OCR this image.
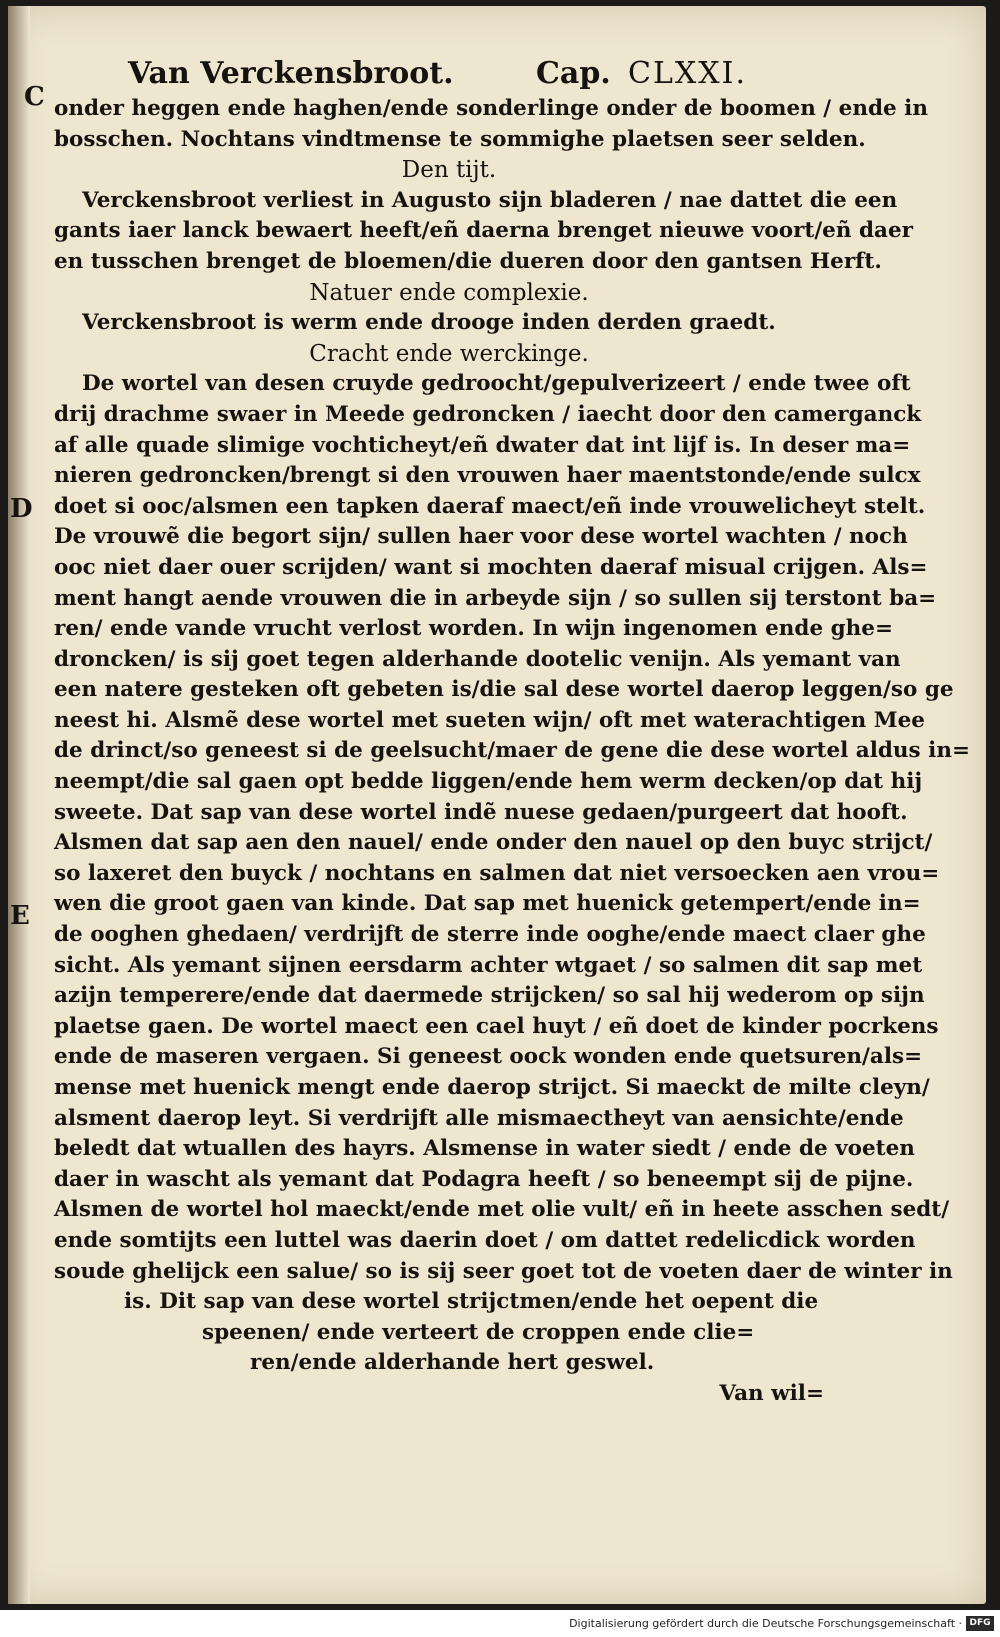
Van Verckensbroot.	Cap. CLXXI.
C
D
E
onder heggen ende haghen/ende sonderlinge onder de boomen / ende in
bosschen. Nochtans vindtmense te sommighe plaetsen seer selden.
Den tijt.
Verckensbroot verliest in Augusto sijn bladeren / nae dattet die een
gants iaer lanck bewaert heeft/eñ daerna brenget nieuwe voort/eñ daer
en tusschen brenget de bloemen/die dueren door den gantsen Herft.
Natuer ende complexie.
Verckensbroot is werm ende drooge inden derden graedt.
Cracht ende werckinge.
De wortel van desen cruyde gedroocht/gepulverizeert / ende twee oft
drij drachme swaer in Meede gedroncken / iaecht door den camerganck
af alle quade slimige vochticheyt/eñ dwater dat int lijf is. In deser ma=
nieren gedroncken/brengt si den vrouwen haer maentstonde/ende sulcx
doet si ooc/alsmen een tapken daeraf maect/eñ inde vrouwelicheyt stelt.
De vrouwẽ die begort sijn/ sullen haer voor dese wortel wachten / noch
ooc niet daer ouer scrijden/ want si mochten daeraf misual crijgen. Als=
ment hangt aende vrouwen die in arbeyde sijn / so sullen sij terstont ba=
ren/ ende vande vrucht verlost worden. In wijn ingenomen ende ghe=
droncken/ is sij goet tegen alderhande dootelic venijn. Als yemant van
een natere gesteken oft gebeten is/die sal dese wortel daerop leggen/so ge
neest hi. Alsmẽ dese wortel met sueten wijn/ oft met waterachtigen Mee
de drinct/so geneest si de geelsucht/maer de gene die dese wortel aldus in=
neempt/die sal gaen opt bedde liggen/ende hem werm decken/op dat hij
sweete. Dat sap van dese wortel indẽ nuese gedaen/purgeert dat hooft.
Alsmen dat sap aen den nauel/ ende onder den nauel op den buyc strijct/
so laxeret den buyck / nochtans en salmen dat niet versoecken aen vrou=
wen die groot gaen van kinde. Dat sap met huenick getempert/ende in=
de ooghen ghedaen/ verdrijft de sterre inde ooghe/ende maect claer ghe
sicht. Als yemant sijnen eersdarm achter wtgaet / so salmen dit sap met
azijn temperere/ende dat daermede strijcken/ so sal hij wederom op sijn
plaetse gaen. De wortel maect een cael huyt / eñ doet de kinder pocrkens
ende de maseren vergaen. Si geneest oock wonden ende quetsuren/als=
mense met huenick mengt ende daerop strijct. Si maeckt de milte cleyn/
alsment daerop leyt. Si verdrijft alle mismaectheyt van aensichte/ende
beledt dat wtuallen des hayrs. Alsmense in water siedt / ende de voeten
daer in wascht als yemant dat Podagra heeft / so beneempt sij de pijne.
Alsmen de wortel hol maeckt/ende met olie vult/ eñ in heete asschen sedt/
ende somtijts een luttel was daerin doet / om dattet redelicdick worden
soude ghelijck een salue/ so is sij seer goet tot de voeten daer de winter in
is. Dit sap van dese wortel strijctmen/ende het oepent die
speenen/ ende verteert de croppen ende clie=
ren/ende alderhande hert geswel.
Van wil=
Digitalisierung gefördert durch die Deutsche Forschungsgemeinschaft · DFG
